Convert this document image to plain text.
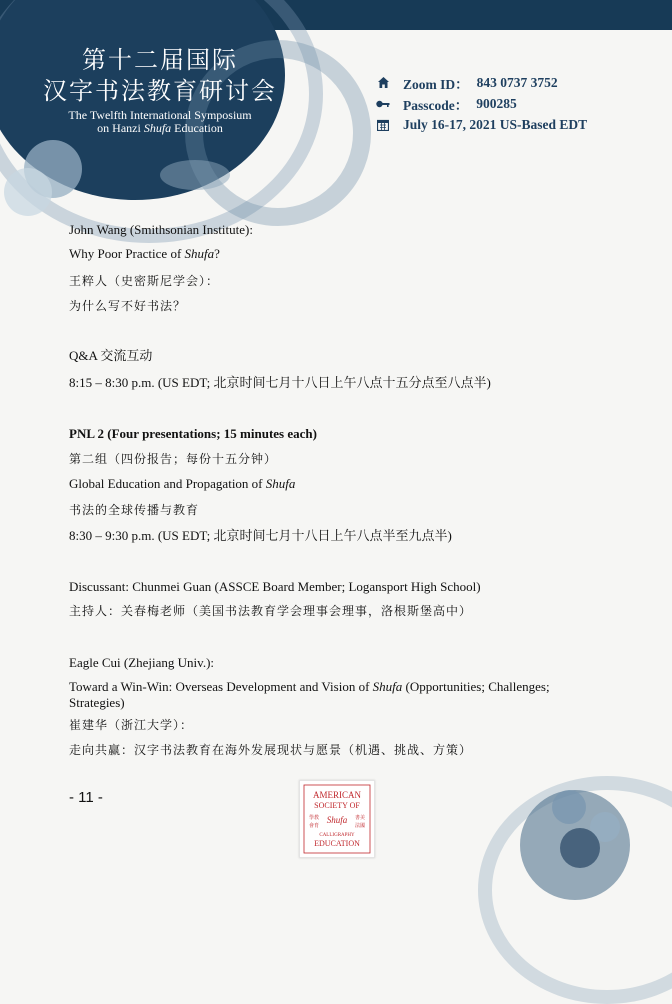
第十二届国际
汉字书法教育研讨会
The Twelfth International Symposium
on Hanzi Shufa Education
Zoom ID： 843 0737 3752
Passcode： 900285
July 16-17, 2021 US-Based EDT
John Wang (Smithsonian Institute):
Why Poor Practice of Shufa?
王粹人（史密斯尼学会）：
为什么写不好书法？
Q&A 交流互动
8:15 – 8:30 p.m. (US EDT; 北京时间七月十八日上午八点十五分点至八点半)
PNL 2 (Four presentations; 15 minutes each)
第二组（四份报告；每份十五分钟）
Global Education and Propagation of Shufa
书法的全球传播与教育
8:30 – 9:30 p.m. (US EDT; 北京时间七月十八日上午八点半至九点半)
Discussant: Chunmei Guan (ASSCE Board Member; Logansport High School)
主持人：关春梅老师（美国书法教育学会理事会理事，洛根斯堡高中）
Eagle Cui (Zhejiang Univ.):
Toward a Win-Win: Overseas Development and Vision of Shufa (Opportunities; Challenges; Strategies)
崔建华（浙江大学）：
走向共赢：汉字书法教育在海外发展现状与愿景（机遇、挑战、方策）
- 11 -	AMERICAN
SOCIETY OF
學教	書美
Shufa
會育	法國
CALLIGRAPHY
EDUCATION
